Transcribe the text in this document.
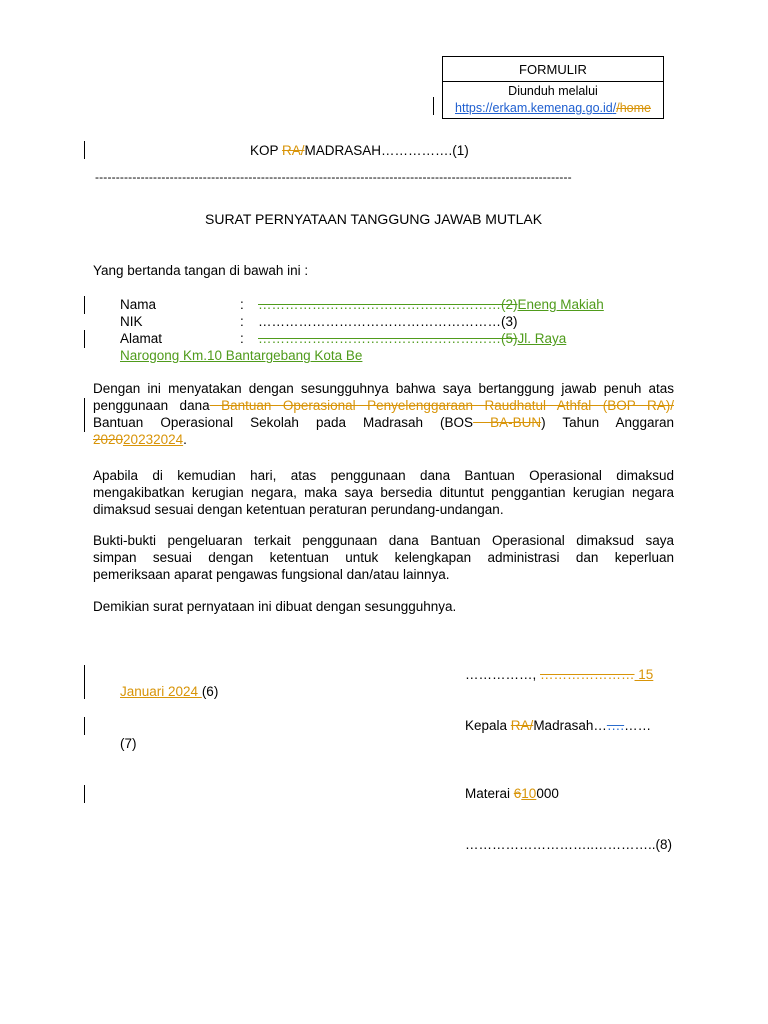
FORMULIR
Diunduh melalui
https://erkam.kemenag.go.id//home
KOP RA/MADRASAH…………….(1)
-------------------------------------------------------------------------------------------------------------------
SURAT PERNYATAAN TANGGUNG JAWAB MUTLAK
Yang bertanda tangan di bawah ini :
Nama	: ………………………………………………(2)Eneng Makiah
NIK	: ………………………………………………(3)
Alamat	: ………………………………………………(5)Jl. Raya
Narogong Km.10 Bantargebang Kota Be
Dengan ini menyatakan dengan sesungguhnya bahwa saya bertanggung jawab penuh atas
penggunaan dana Bantuan Operasional Penyelenggaraan Raudhatul Athfal (BOP RA)/
Bantuan Operasional Sekolah pada Madrasah (BOS BA-BUN) Tahun Anggaran
202020232024.
Apabila di kemudian hari, atas penggunaan dana Bantuan Operasional dimaksud
mengakibatkan kerugian negara, maka saya bersedia dituntut penggantian kerugian negara
dimaksud sesuai dengan ketentuan peraturan perundang-undangan.
Bukti-bukti pengeluaran terkait penggunaan dana Bantuan Operasional dimaksud saya
simpan sesuai dengan ketentuan untuk kelengkapan administrasi dan keperluan
pemeriksaan aparat pengawas fungsional dan/atau lainnya.
Demikian surat pernyataan ini dibuat dengan sesungguhnya.
……………, ………………… 15
Januari 2024 (6)
Kepala RA/Madrasah…….……
(7)
Materai 610000
………………………..…………..(8)
